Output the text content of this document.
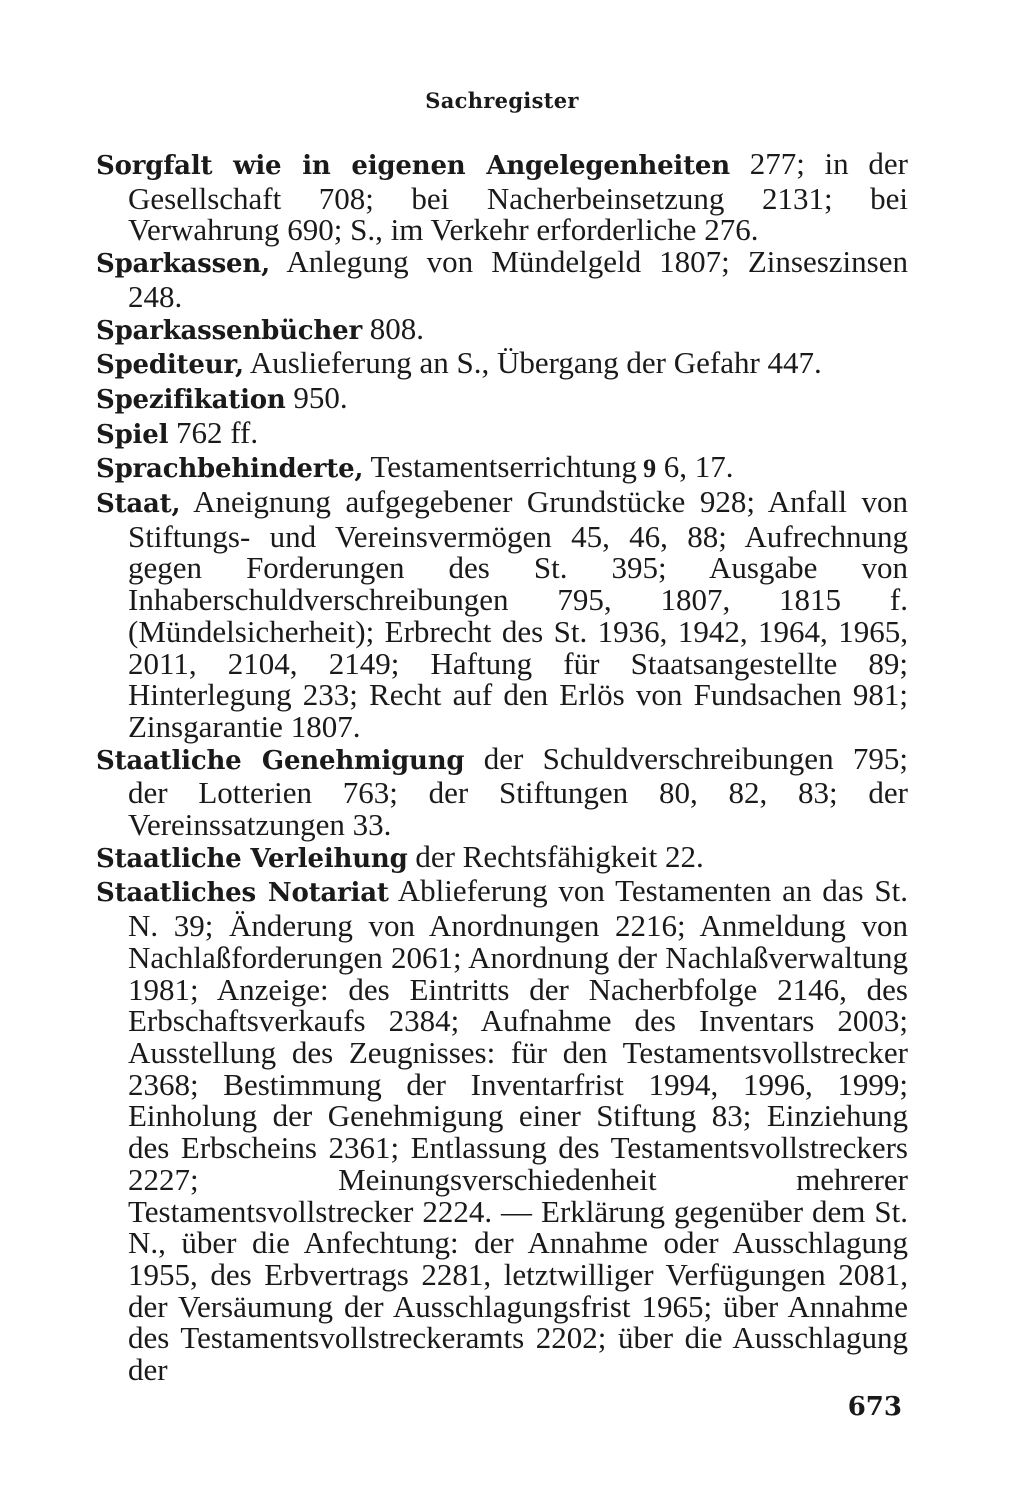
Sachregister

Sorgfalt wie in eigenen Angelegenheiten 277; in der Gesellschaft 708; bei Nacherbeinsetzung 2131; bei Verwahrung 690; S., im Verkehr erforderliche 276.

Sparkassen, Anlegung von Mündelgeld 1807; Zinseszinsen 248.

Sparkassenbücher 808.

Spediteur, Auslieferung an S., Übergang der Gefahr 447.

Spezifikation 950.

Spiel 762 ff.

Sprachbehinderte, Testamentserrichtung 9 6, 17.

Staat, Aneignung aufgegebener Grundstücke 928; Anfall von Stiftungs- und Vereinsvermögen 45, 46, 88; Aufrechnung gegen Forderungen des St. 395; Ausgabe von Inhaberschuldverschreibungen 795, 1807, 1815 f. (Mündelsicherheit); Erbrecht des St. 1936, 1942, 1964, 1965, 2011, 2104, 2149; Haftung für Staatsangestellte 89; Hinterlegung 233; Recht auf den Erlös von Fundsachen 981; Zinsgarantie 1807.

Staatliche Genehmigung der Schuldverschreibungen 795; der Lotterien 763; der Stiftungen 80, 82, 83; der Vereinssatzungen 33.

Staatliche Verleihung der Rechtsfähigkeit 22.

Staatliches Notariat Ablieferung von Testamenten an das St. N. 39; Änderung von Anordnungen 2216; Anmeldung von Nachlaßforderungen 2061; Anordnung der Nachlaßverwaltung 1981; Anzeige: des Eintritts der Nacherbfolge 2146, des Erbschaftsverkaufs 2384; Aufnahme des Inventars 2003; Ausstellung des Zeugnisses: für den Testamentsvollstrecker 2368; Bestimmung der Inventarfrist 1994, 1996, 1999; Einholung der Genehmigung einer Stiftung 83; Einziehung des Erbscheins 2361; Entlassung des Testamentsvollstreckers 2227; Meinungsverschiedenheit mehrerer Testamentsvollstrecker 2224. — Erklärung gegenüber dem St. N., über die Anfechtung: der Annahme oder Ausschlagung 1955, des Erbvertrags 2281, letztwilliger Verfügungen 2081, der Versäumung der Ausschlagungsfrist 1965; über Annahme des Testamentsvollstreckeramts 2202; über die Ausschlagung der

673
